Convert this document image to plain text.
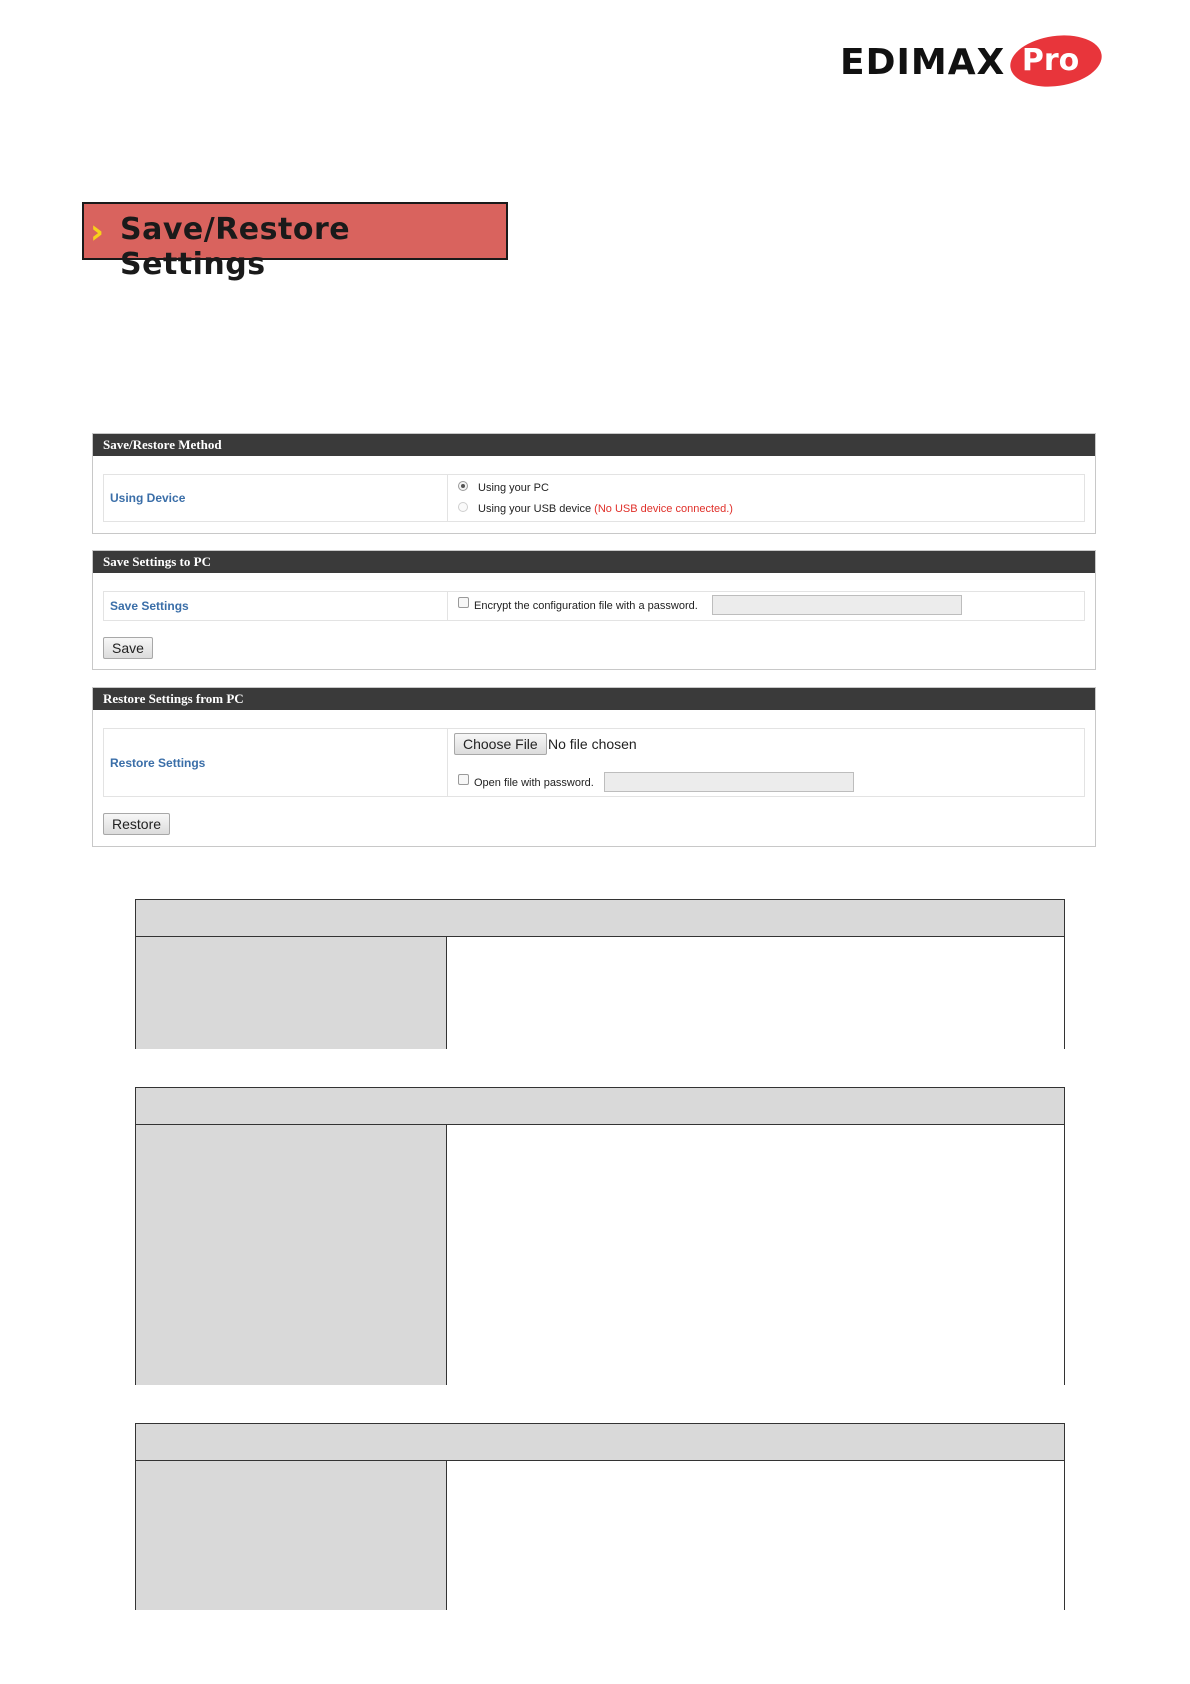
EDIMAX Pro
› Save/Restore Settings
Save/Restore Method
Using Device
Using your PC
Using your USB device (No USB device connected.)
Save Settings to PC
Save Settings	Encrypt the configuration file with a password.
Save
Restore Settings from PC
Restore Settings
Choose File No file chosen
Open file with password.
Restore
